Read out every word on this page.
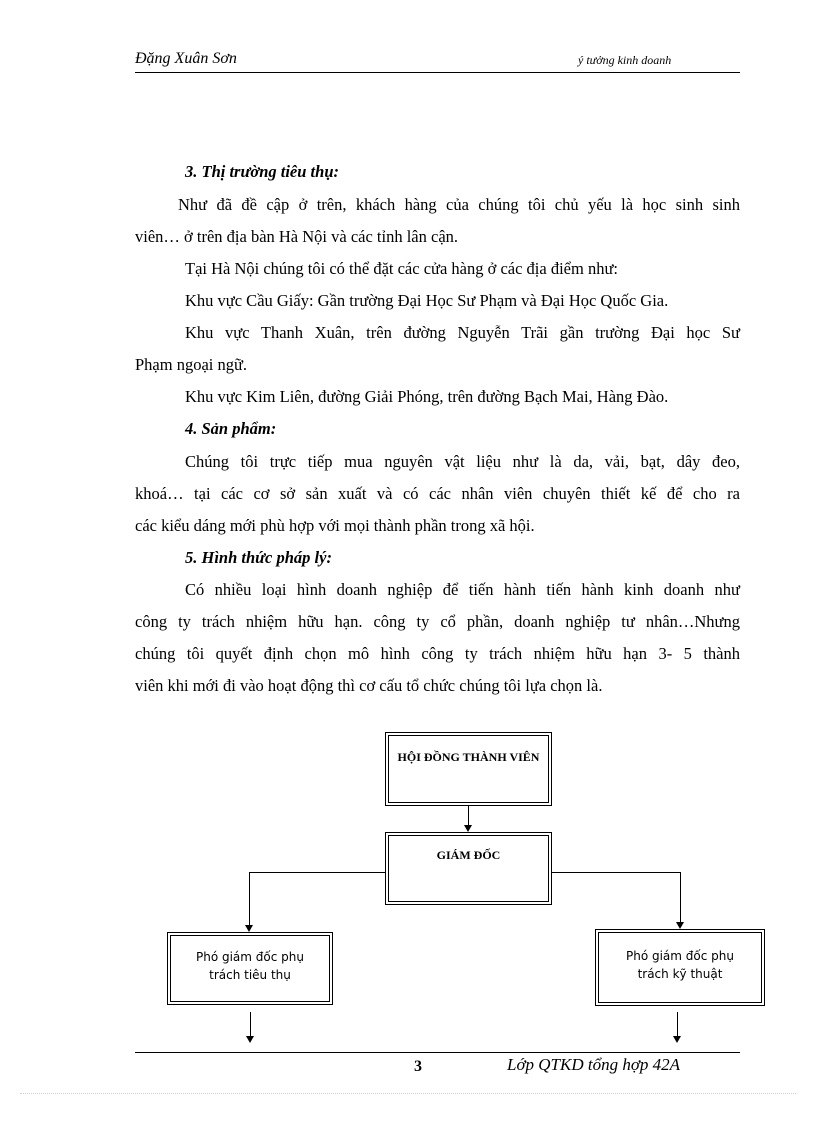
Đặng Xuân Sơn	ý tưởng kinh doanh
3. Thị trường tiêu thụ:
Như đã đề cập ở trên, khách hàng của chúng tôi chủ yếu là học sinh sinh
viên… ở trên địa bàn Hà Nội và các tỉnh lân cận.
Tại Hà Nội chúng tôi có thể đặt các cửa hàng ở các địa điểm như:
Khu vực Cầu Giấy: Gần trường Đại Học Sư Phạm và Đại Học Quốc Gia.
Khu vực Thanh Xuân, trên đường Nguyễn Trãi gần trường Đại học Sư
Phạm ngoại ngữ.
Khu vực Kim Liên, đường Giải Phóng, trên đường Bạch Mai, Hàng Đào.
4. Sản phẩm:
Chúng tôi trực tiếp mua nguyên vật liệu như là da, vải, bạt, dây đeo,
khoá… tại các cơ sở sản xuất và có các nhân viên chuyên thiết kế để cho ra
các kiểu dáng mới phù hợp với mọi thành phần trong xã hội.
5. Hình thức pháp lý:
Có nhiều loại hình doanh nghiệp để tiến hành tiến hành kinh doanh như
công ty trách nhiệm hữu hạn. công ty cổ phần, doanh nghiệp tư nhân…Nhưng
chúng tôi quyết định chọn mô hình công ty trách nhiệm hữu hạn 3- 5 thành
viên khi mới đi vào hoạt động thì cơ cấu tổ chức chúng tôi lựa chọn là.
HỘI ĐỒNG THÀNH VIÊN
GIÁM ĐỐC
Phó giám đốc phụ trách tiêu thụ
Phó giám đốc phụ trách kỹ thuật
3	Lớp QTKD tổng hợp 42A
